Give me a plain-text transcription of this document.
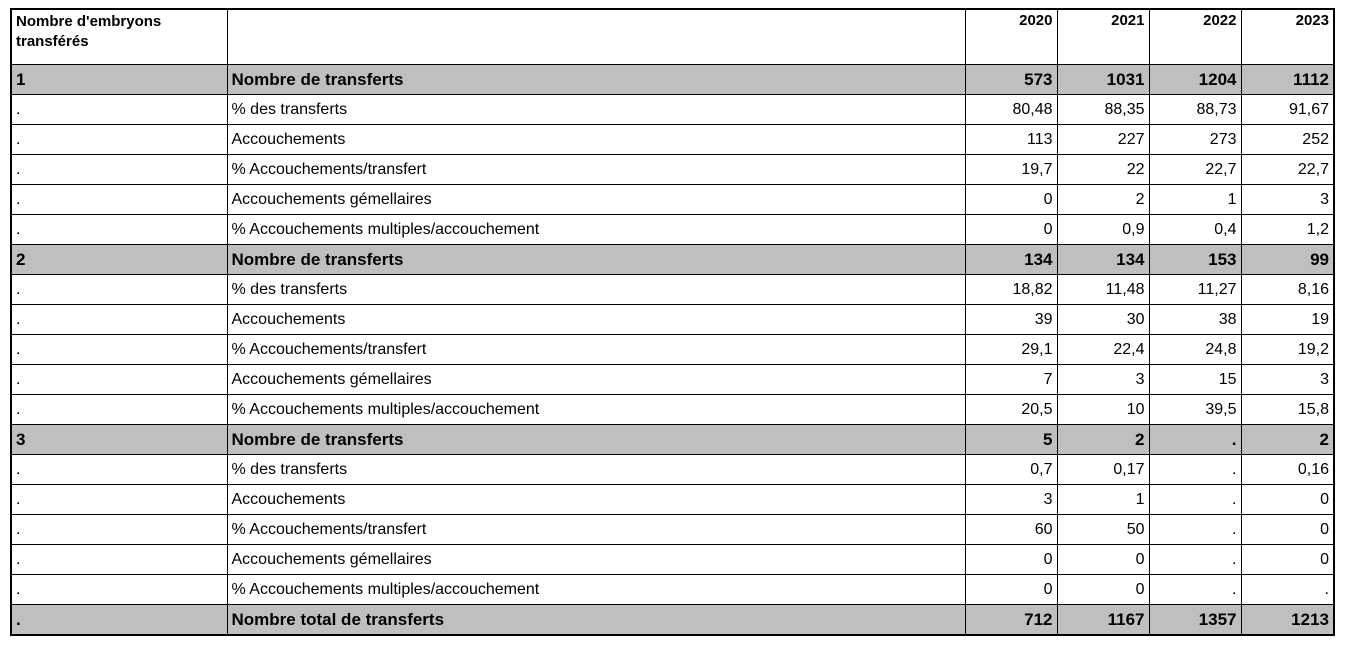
Nombre d'embryons transférés		2020	2021	2022	2023
1	Nombre de transferts	573	1031	1204	1112
.	% des transferts	80,48	88,35	88,73	91,67
.	Accouchements	113	227	273	252
.	% Accouchements/transfert	19,7	22	22,7	22,7
.	Accouchements gémellaires	0	2	1	3
.	% Accouchements multiples/accouchement	0	0,9	0,4	1,2
2	Nombre de transferts	134	134	153	99
.	% des transferts	18,82	11,48	11,27	8,16
.	Accouchements	39	30	38	19
.	% Accouchements/transfert	29,1	22,4	24,8	19,2
.	Accouchements gémellaires	7	3	15	3
.	% Accouchements multiples/accouchement	20,5	10	39,5	15,8
3	Nombre de transferts	5	2	.	2
.	% des transferts	0,7	0,17	.	0,16
.	Accouchements	3	1	.	0
.	% Accouchements/transfert	60	50	.	0
.	Accouchements gémellaires	0	0	.	0
.	% Accouchements multiples/accouchement	0	0	.	.
.	Nombre total de transferts	712	1167	1357	1213
